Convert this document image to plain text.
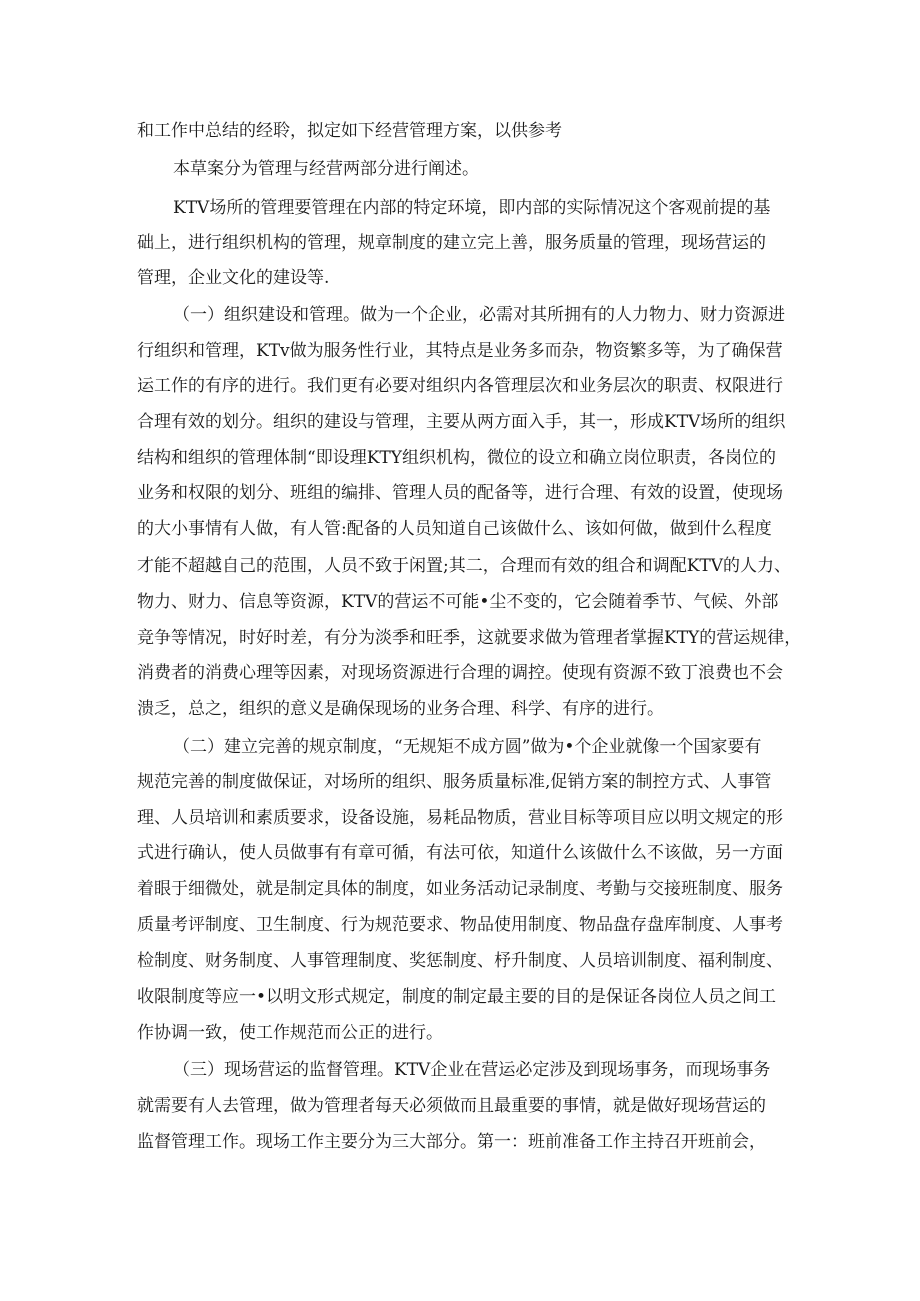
和工作中总结的经聆，拟定如下经营管理方案，以供参考

本草案分为管理与经营两部分进行阐述。

KTV场所的管理要管理在内部的特定环境，即内部的实际情况这个客观前提的基

础上，进行组织机构的管理，规章制度的建立完上善，服务质量的管理，现场营运的

管理，企业文化的建设等.

（一）组织建设和管理。做为一个企业，必需对其所拥有的人力物力、财力资源进

行组织和管理，KTv做为服务性行业，其特点是业务多而杂，物资繁多等，为了确保营

运工作的有序的进行。我们更有必要对组织内各管理层次和业务层次的职责、权限进行

合理有效的划分。组织的建设与管理，主要从两方面入手，其一，形成KTV场所的组织

结构和组织的管理体制“即设理KTY组织机构，微位的设立和确立岗位职责，各岗位的

业务和权限的划分、班组的编排、管理人员的配备等，进行合理、有效的设置，使现场

的大小事情有人做，有人管:配备的人员知道自己该做什么、该如何做，做到什么程度

才能不超越自己的范围，人员不致于闲置;其二，合理而有效的组合和调配KTV的人力、

物力、财力、信息等资源，KTV的营运不可能•尘不变的，它会随着季节、气候、外部

竞争等情况，时好时差，有分为淡季和旺季，这就要求做为管理者掌握KTY的营运规律，

消费者的消费心理等因素，对现场资源进行合理的调控。使现有资源不致丁浪费也不会

溃乏，总之，组织的意义是确保现场的业务合理、科学、有序的进行。

（二）建立完善的规京制度，“无规矩不成方圆”做为•个企业就像一个国家要有

规范完善的制度做保证，对场所的组织、服务质量标准,促销方案的制控方式、人事管

理、人员培训和素质要求，设备设施，易耗品物质，营业目标等项目应以明文规定的形

式进行确认，使人员做事有有章可循，有法可依，知道什么该做什么不该做，另一方面

着眼于细微处，就是制定具体的制度，如业务活动记录制度、考勤与交接班制度、服务

质量考评制度、卫生制度、行为规范要求、物品使用制度、物品盘存盘库制度、人事考

检制度、财务制度、人事管理制度、奖惩制度、杼升制度、人员培训制度、福利制度、

收限制度等应一•以明文形式规定，制度的制定最主要的目的是保证各岗位人员之间工

作协调一致，使工作规范而公正的进行。

（三）现场营运的监督管理。KTV企业在营运必定涉及到现场事务，而现场事务

就需要有人去管理，做为管理者每天必须做而且最重要的事情，就是做好现场营运的

监督管理工作。现场工作主要分为三大部分。第一：班前准备工作主持召开班前会，
